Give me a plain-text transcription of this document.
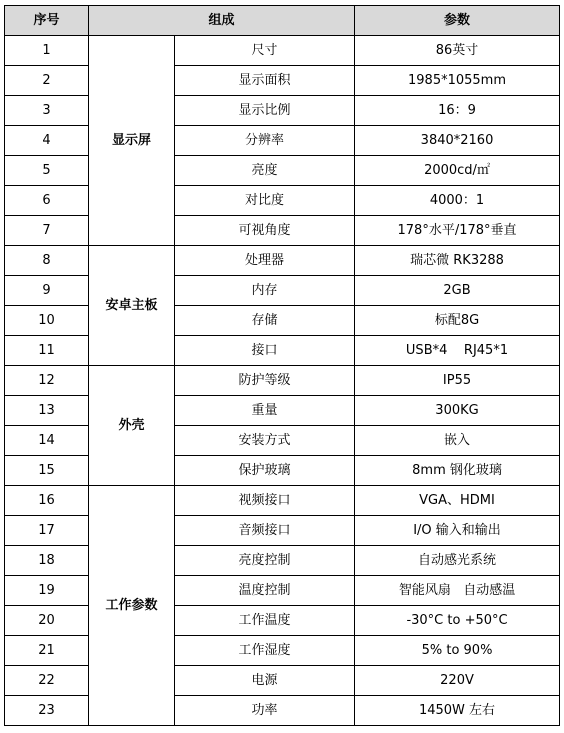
序号	组成		参数
1	显示屏	尺寸	86英寸
2		显示面积	1985*1055mm
3		显示比例	16：9
4		分辨率	3840*2160
5		亮度	2000cd/㎡
6		对比度	4000：1
7		可视角度	178°水平/178°垂直
8	安卓主板	处理器	瑞芯微 RK3288
9		内存	2GB
10		存储	标配8G
11		接口	USB*4    RJ45*1
12	外壳	防护等级	IP55
13		重量	300KG
14		安装方式	嵌入
15		保护玻璃	8mm 钢化玻璃
16	工作参数	视频接口	VGA、HDMI
17		音频接口	I/O 输入和输出
18		亮度控制	自动感光系统
19		温度控制	智能风扇   自动感温
20		工作温度	-30°C to +50°C
21		工作湿度	5% to 90%
22		电源	220V
23		功率	1450W 左右
